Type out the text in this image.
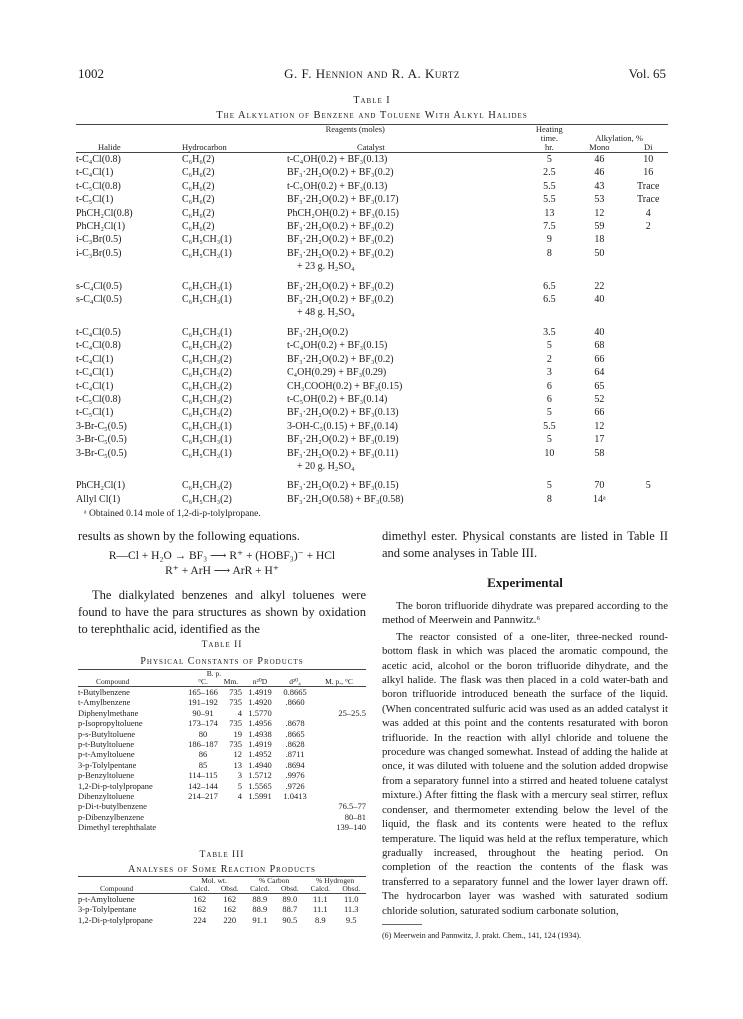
1002	G. F. Hennion and R. A. Kurtz	Vol. 65
Table I
The Alkylation of Benzene and Toluene With Alkyl Halides
	Reagents (moles)		Heating		
			time.	Alkylation, %	
Halide	Hydrocarbon	Catalyst	hr.	Mono	Di
t-C₄Cl(0.8)	C₆H₆(2)	t-C₄OH(0.2) + BF₃(0.13)	5	46	10
t-C₄Cl(1)	C₆H₆(2)	BF₃·2H₂O(0.2) + BF₃(0.2)	2.5	46	16
t-C₅Cl(0.8)	C₆H₆(2)	t-C₅OH(0.2) + BF₃(0.13)	5.5	43	Trace
t-C₅Cl(1)	C₆H₆(2)	BF₃·2H₂O(0.2) + BF₃(0.17)	5.5	53	Trace
PhCH₂Cl(0.8)	C₆H₆(2)	PhCH₂OH(0.2) + BF₃(0.15)	13	12	4
PhCH₂Cl(1)	C₆H₆(2)	BF₃·2H₂O(0.2) + BF₃(0.2)	7.5	59	2
i-C₃Br(0.5)	C₆H₅CH₃(1)	BF₃·2H₂O(0.2) + BF₃(0.2)	9	18	
i-C₃Br(0.5)	C₆H₅CH₃(1)	BF₃·2H₂O(0.2) + BF₃(0.2)	8	50	
		+ 23 g. H₂SO₄			
s-C₄Cl(0.5)	C₆H₅CH₃(1)	BF₃·2H₂O(0.2) + BF₃(0.2)	6.5	22	
s-C₄Cl(0.5)	C₆H₅CH₃(1)	BF₃·2H₂O(0.2) + BF₃(0.2)	6.5	40	
		+ 48 g. H₂SO₄			
t-C₄Cl(0.5)	C₆H₅CH₃(1)	BF₃·2H₂O(0.2)	3.5	40	
t-C₄Cl(0.8)	C₆H₅CH₃(2)	t-C₄OH(0.2) + BF₃(0.15)	5	68	
t-C₄Cl(1)	C₆H₅CH₃(2)	BF₃·2H₂O(0.2) + BF₃(0.2)	2	66	
t-C₄Cl(1)	C₆H₅CH₃(2)	C₄OH(0.29) + BF₃(0.29)	3	64	
t-C₄Cl(1)	C₆H₅CH₃(2)	CH₃COOH(0.2) + BF₃(0.15)	6	65	
t-C₅Cl(0.8)	C₆H₅CH₃(2)	t-C₅OH(0.2) + BF₃(0.14)	6	52	
t-C₅Cl(1)	C₆H₅CH₃(2)	BF₃·2H₂O(0.2) + BF₃(0.13)	5	66	
3-Br-C₅(0.5)	C₆H₅CH₃(1)	3-OH-C₅(0.15) + BF₃(0.14)	5.5	12	
3-Br-C₅(0.5)	C₆H₅CH₃(1)	BF₃·2H₂O(0.2) + BF₃(0.19)	5	17	
3-Br-C₅(0.5)	C₆H₅CH₃(1)	BF₃·2H₂O(0.2) + BF₃(0.11)	10	58	
		+ 20 g. H₂SO₄			
PhCH₂Cl(1)	C₆H₅CH₃(2)	BF₃·2H₂O(0.2) + BF₃(0.15)	5	70	5
Allyl Cl(1)	C₆H₅CH₃(2)	BF₃·2H₂O(0.58) + BF₃(0.58)	8	14ᵃ	
ᵃ Obtained 0.14 mole of 1,2-di-p-tolylpropane.
results as shown by the following equations.
R—Cl + H₂O → BF₃ ⟶ R⁺ + (HOBF₃)⁻ + HCl
R⁺ + ArH ⟶ ArR + H⁺
The dialkylated benzenes and alkyl toluenes were found to have the para structures as shown by oxidation to terephthalic acid, identified as the
Table II
Physical Constants of Products
	B. p.				
Compound	°C.	Mm.	n²⁰D	d²⁰₄	M. p., °C
t-Butylbenzene	165–166	735	1.4919	0.8665	
t-Amylbenzene	191–192	735	1.4920	.8660	
Diphenylmethane	90–91	4	1.5770		25–25.5
p-Isopropyltoluene	173–174	735	1.4956	.8678	
p-s-Butyltoluene	80	19	1.4938	.8665	
p-t-Butyltoluene	186–187	735	1.4919	.8628	
p-t-Amyltoluene	86	12	1.4952	.8711	
3-p-Tolylpentane	85	13	1.4940	.8694	
p-Benzyltoluene	114–115	3	1.5712	.9976	
1,2-Di-p-tolylpropane	142–144	5	1.5565	.9726	
Dibenzyltoluene	214–217	4	1.5991	1.0413	
p-Di-t-butylbenzene					76.5–77
p-Dibenzylbenzene					80–81
Dimethyl terephthalate					139–140
Table III
Analyses of Some Reaction Products
	Mol. wt.		% Carbon		% Hydrogen	
Compound	Calcd.	Obsd.	Calcd.	Obsd.	Calcd.	Obsd.
p-t-Amyltoluene	162	162	88.9	89.0	11.1	11.0
3-p-Tolylpentane	162	162	88.9	88.7	11.1	11.3
1,2-Di-p-tolylpropane	224	220	91.1	90.5	8.9	9.5

dimethyl ester. Physical constants are listed in Table II and some analyses in Table III.

Experimental

The boron trifluoride dihydrate was prepared according to the method of Meerwein and Pannwitz.⁶

The reactor consisted of a one-liter, three-necked round-bottom flask in which was placed the aromatic compound, the acetic acid, alcohol or the boron trifluoride dihydrate, and the alkyl halide. The flask was then placed in a cold water-bath and boron trifluoride introduced beneath the surface of the liquid. (When concentrated sulfuric acid was used as an added catalyst it was added at this point and the contents resaturated with boron trifluoride. In the reaction with allyl chloride and toluene the procedure was changed somewhat. Instead of adding the halide at once, it was diluted with toluene and the solution added dropwise from a separatory funnel into a stirred and heated toluene catalyst mixture.) After fitting the flask with a mercury seal stirrer, reflux condenser, and thermometer extending below the level of the liquid, the flask and its contents were heated to the reflux temperature. The liquid was held at the reflux temperature, which gradually increased, throughout the heating period. On completion of the reaction the contents of the flask was transferred to a separatory funnel and the lower layer drawn off. The hydrocarbon layer was washed with saturated sodium chloride solution, saturated sodium carbonate solution,

(6) Meerwein and Pannwitz, J. prakt. Chem., 141, 124 (1934).
